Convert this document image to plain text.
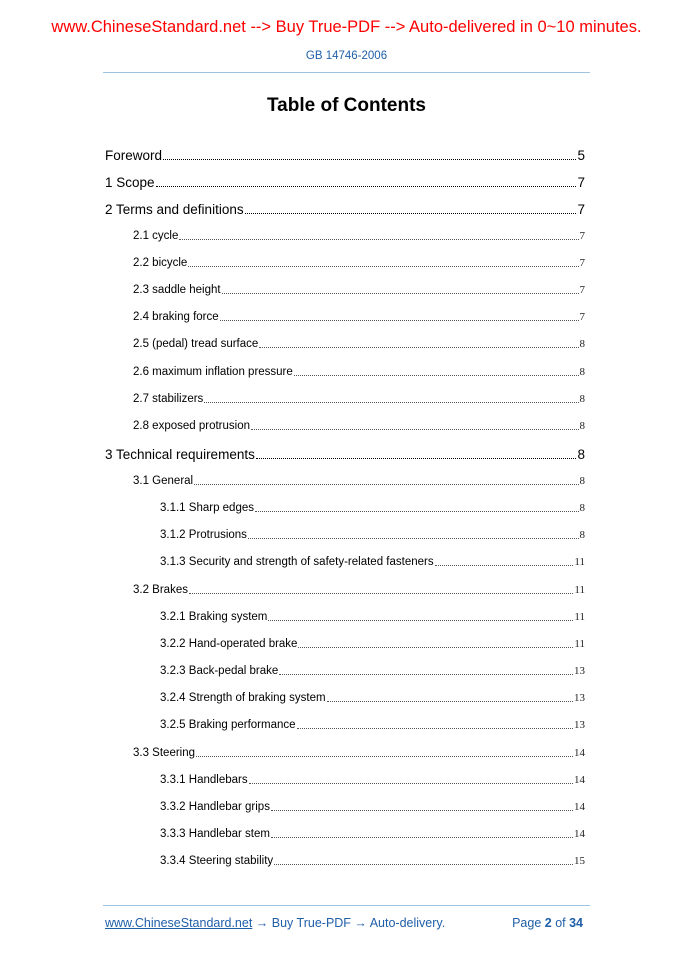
www.ChineseStandard.net --> Buy True-PDF --> Auto-delivered in 0~10 minutes.
GB 14746-2006
Table of Contents
Foreword	5
1 Scope	7
2 Terms and definitions	7
2.1 cycle	7
2.2 bicycle	7
2.3 saddle height	7
2.4 braking force	7
2.5 (pedal) tread surface	8
2.6 maximum inflation pressure	8
2.7 stabilizers	8
2.8 exposed protrusion	8
3 Technical requirements	8
3.1 General	8
3.1.1 Sharp edges	8
3.1.2 Protrusions	8
3.1.3 Security and strength of safety-related fasteners	11
3.2 Brakes	11
3.2.1 Braking system	11
3.2.2 Hand-operated brake	11
3.2.3 Back-pedal brake	13
3.2.4 Strength of braking system	13
3.2.5 Braking performance	13
3.3 Steering	14
3.3.1 Handlebars	14
3.3.2 Handlebar grips	14
3.3.3 Handlebar stem	14
3.3.4 Steering stability	15
www.ChineseStandard.net → Buy True-PDF → Auto-delivery.	Page 2 of 34
